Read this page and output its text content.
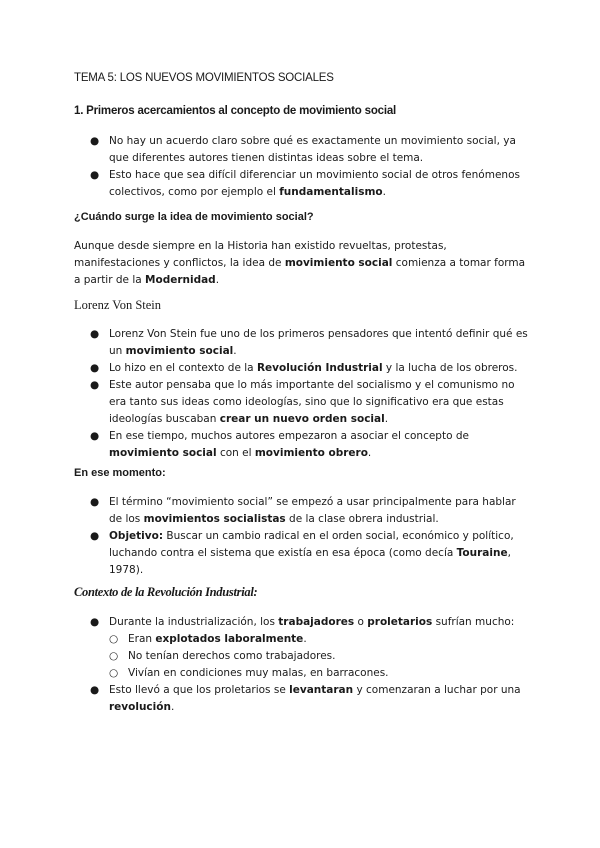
TEMA 5: LOS NUEVOS MOVIMIENTOS SOCIALES
1. Primeros acercamientos al concepto de movimiento social
● No hay un acuerdo claro sobre qué es exactamente un movimiento social, ya que diferentes autores tienen distintas ideas sobre el tema.
● Esto hace que sea difícil diferenciar un movimiento social de otros fenómenos colectivos, como por ejemplo el fundamentalismo.
¿Cuándo surge la idea de movimiento social?
Aunque desde siempre en la Historia han existido revueltas, protestas, manifestaciones y conflictos, la idea de movimiento social comienza a tomar forma a partir de la Modernidad.
Lorenz Von Stein
● Lorenz Von Stein fue uno de los primeros pensadores que intentó definir qué es un movimiento social.
● Lo hizo en el contexto de la Revolución Industrial y la lucha de los obreros.
● Este autor pensaba que lo más importante del socialismo y el comunismo no era tanto sus ideas como ideologías, sino que lo significativo era que estas ideologías buscaban crear un nuevo orden social.
● En ese tiempo, muchos autores empezaron a asociar el concepto de movimiento social con el movimiento obrero.
En ese momento:
● El término “movimiento social” se empezó a usar principalmente para hablar de los movimientos socialistas de la clase obrera industrial.
● Objetivo: Buscar un cambio radical en el orden social, económico y político, luchando contra el sistema que existía en esa época (como decía Touraine, 1978).
Contexto de la Revolución Industrial:
● Durante la industrialización, los trabajadores o proletarios sufrían mucho:
○ Eran explotados laboralmente.
○ No tenían derechos como trabajadores.
○ Vivían en condiciones muy malas, en barracones.
● Esto llevó a que los proletarios se levantaran y comenzaran a luchar por una revolución.
